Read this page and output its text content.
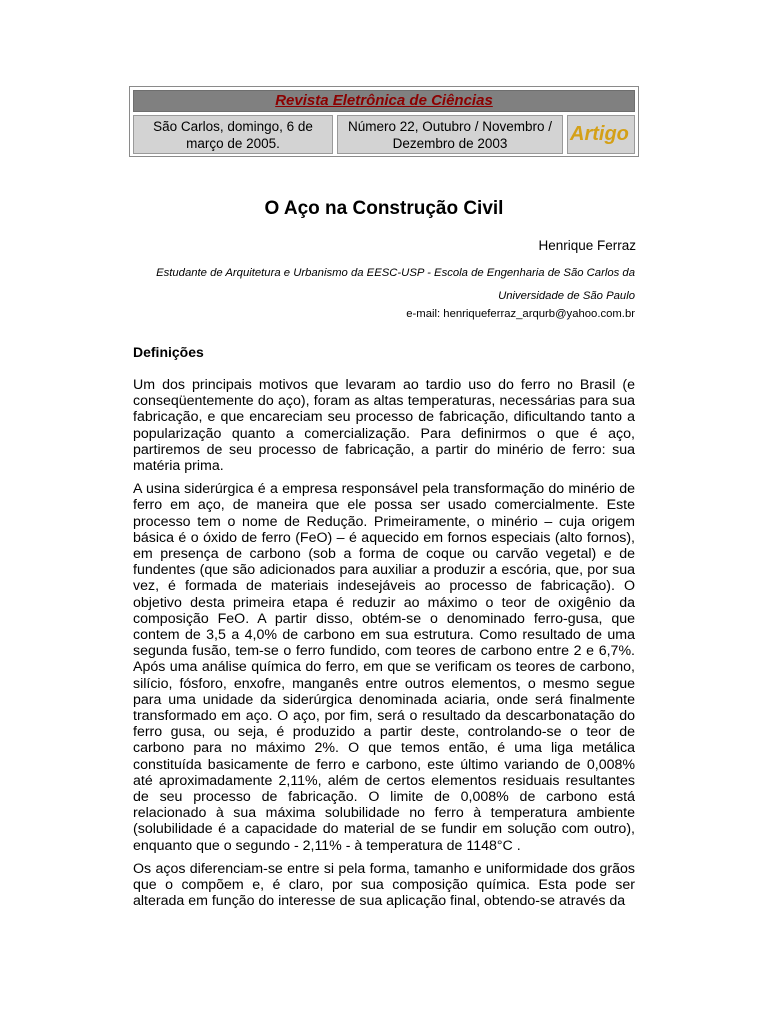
Revista Eletrônica de Ciências
São Carlos, domingo, 6 de março de 2005.
Número 22, Outubro / Novembro / Dezembro de 2003	Artigo
O Aço na Construção Civil

Henrique Ferraz

Estudante de Arquitetura e Urbanismo da EESC-USP - Escola de Engenharia de São Carlos da Universidade de São Paulo

e-mail: henriqueferraz_arqurb@yahoo.com.br

Definições

Um dos principais motivos que levaram ao tardio uso do ferro no Brasil (e conseqüentemente do aço), foram as altas temperaturas, necessárias para sua fabricação, e que encareciam seu processo de fabricação, dificultando tanto a popularização quanto a comercialização. Para definirmos o que é aço, partiremos de seu processo de fabricação, a partir do minério de ferro: sua matéria prima.

A usina siderúrgica é a empresa responsável pela transformação do minério de ferro em aço, de maneira que ele possa ser usado comercialmente. Este processo tem o nome de Redução. Primeiramente, o minério – cuja origem básica é o óxido de ferro (FeO) – é aquecido em fornos especiais (alto fornos), em presença de carbono (sob a forma de coque ou carvão vegetal) e de fundentes (que são adicionados para auxiliar a produzir a escória, que, por sua vez, é formada de materiais indesejáveis ao processo de fabricação). O objetivo desta primeira etapa é reduzir ao máximo o teor de oxigênio da composição FeO. A partir disso, obtém-se o denominado ferro-gusa, que contem de 3,5 a 4,0% de carbono em sua estrutura. Como resultado de uma segunda fusão, tem-se o ferro fundido, com teores de carbono entre 2 e 6,7%. Após uma análise química do ferro, em que se verificam os teores de carbono, silício, fósforo, enxofre, manganês entre outros elementos, o mesmo segue para uma unidade da siderúrgica denominada aciaria, onde será finalmente transformado em aço. O aço, por fim, será o resultado da descarbonatação do ferro gusa, ou seja, é produzido a partir deste, controlando-se o teor de carbono para no máximo 2%. O que temos então, é uma liga metálica constituída basicamente de ferro e carbono, este último variando de 0,008% até aproximadamente 2,11%, além de certos elementos residuais resultantes de seu processo de fabricação. O limite de 0,008% de carbono está relacionado à sua máxima solubilidade no ferro à temperatura ambiente (solubilidade é a capacidade do material de se fundir em solução com outro), enquanto que o segundo - 2,11% - à temperatura de 1148°C .

Os aços diferenciam-se entre si pela forma, tamanho e uniformidade dos grãos que o compõem e, é claro, por sua composição química. Esta pode ser alterada em função do interesse de sua aplicação final, obtendo-se através da
